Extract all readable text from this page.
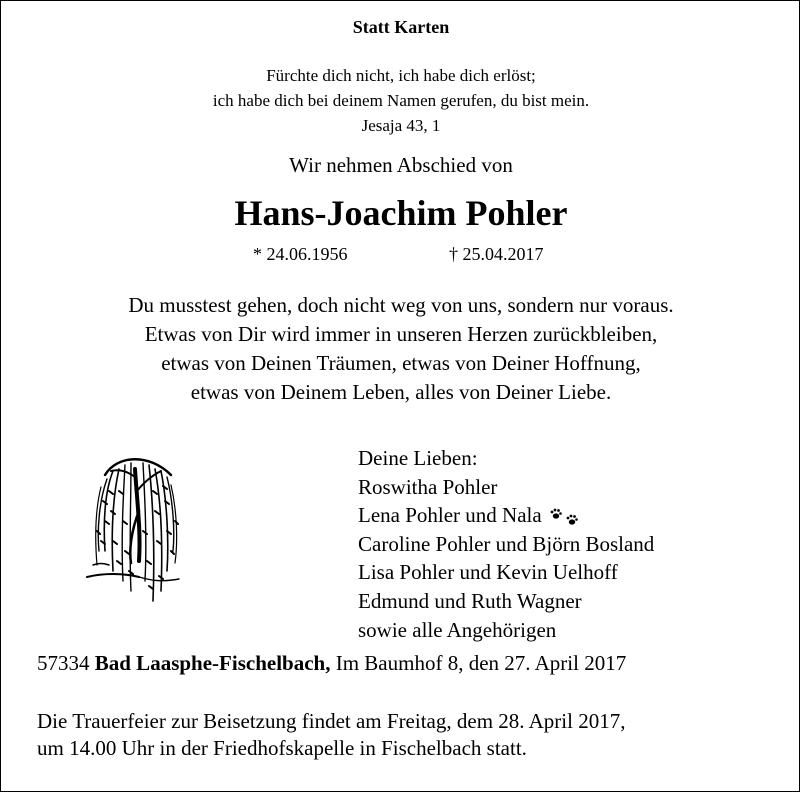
Statt Karten
Fürchte dich nicht, ich habe dich erlöst;
ich habe dich bei deinem Namen gerufen, du bist mein.
Jesaja 43, 1
Wir nehmen Abschied von
Hans-Joachim Pohler
* 24.06.1956	† 25.04.2017
Du musstest gehen, doch nicht weg von uns, sondern nur voraus.
Etwas von Dir wird immer in unseren Herzen zurückbleiben,
etwas von Deinen Träumen, etwas von Deiner Hoffnung,
etwas von Deinem Leben, alles von Deiner Liebe.
Deine Lieben:
Roswitha Pohler
Lena Pohler und Nala
Caroline Pohler und Björn Bosland
Lisa Pohler und Kevin Uelhoff
Edmund und Ruth Wagner
sowie alle Angehörigen
57334 Bad Laasphe-Fischelbach, Im Baumhof 8, den 27. April 2017
Die Trauerfeier zur Beisetzung findet am Freitag, dem 28. April 2017,
um 14.00 Uhr in der Friedhofskapelle in Fischelbach statt.
